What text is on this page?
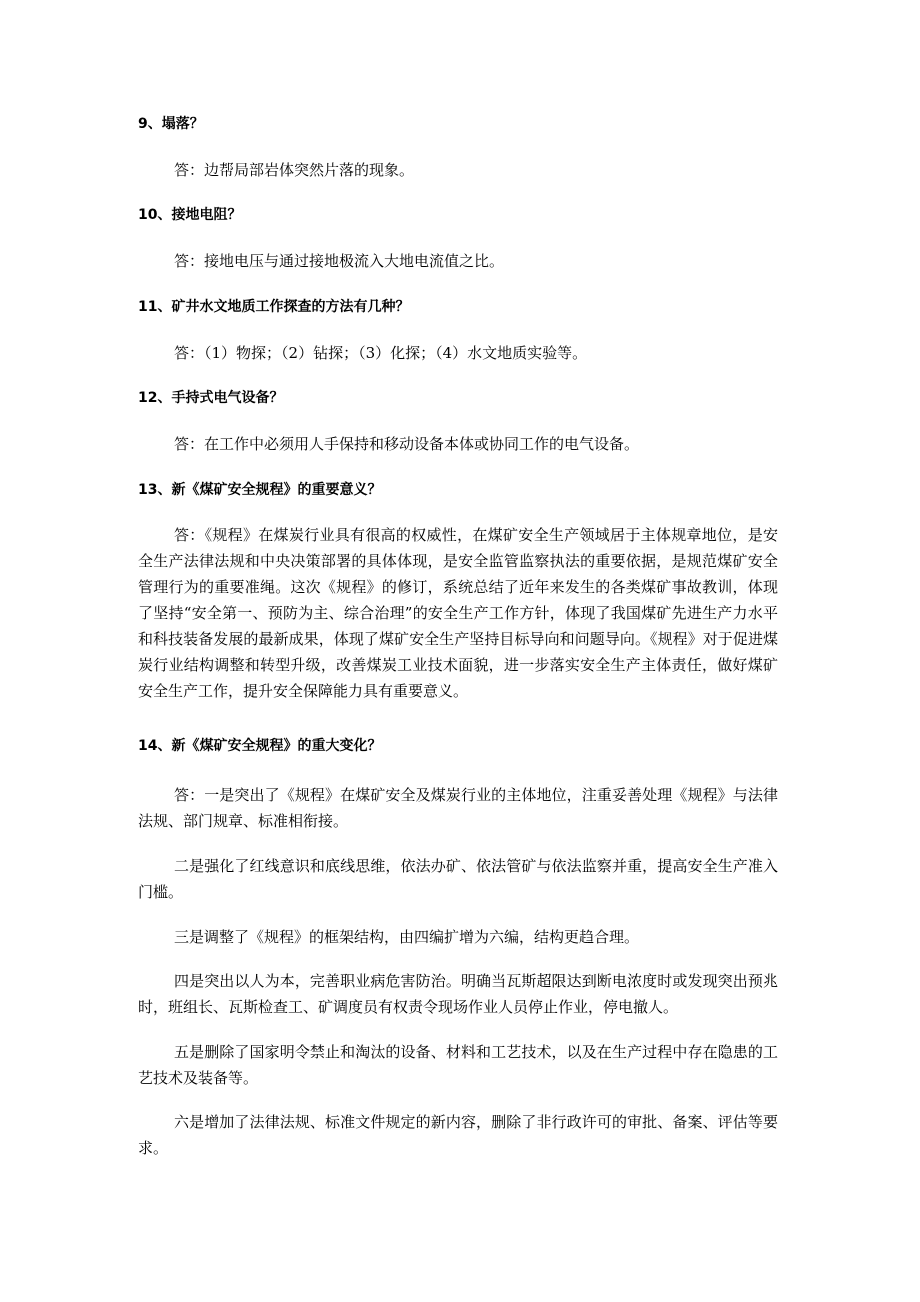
9、塌落？
答：边帮局部岩体突然片落的现象。
10、接地电阻？
答：接地电压与通过接地极流入大地电流值之比。
11、矿井水文地质工作探查的方法有几种？
答：（1）物探；（2）钻探；（3）化探；（4）水文地质实验等。
12、手持式电气设备？
答：在工作中必须用人手保持和移动设备本体或协同工作的电气设备。
13、新《煤矿安全规程》的重要意义？
答：《规程》在煤炭行业具有很高的权威性，在煤矿安全生产领域居于主体规章地位，是安全生产法律法规和中央决策部署的具体体现，是安全监管监察执法的重要依据，是规范煤矿安全管理行为的重要准绳。这次《规程》的修订，系统总结了近年来发生的各类煤矿事故教训，体现了坚持“安全第一、预防为主、综合治理”的安全生产工作方针，体现了我国煤矿先进生产力水平和科技装备发展的最新成果，体现了煤矿安全生产坚持目标导向和问题导向。《规程》对于促进煤炭行业结构调整和转型升级，改善煤炭工业技术面貌，进一步落实安全生产主体责任，做好煤矿安全生产工作，提升安全保障能力具有重要意义。
14、新《煤矿安全规程》的重大变化？
答：一是突出了《规程》在煤矿安全及煤炭行业的主体地位，注重妥善处理《规程》与法律法规、部门规章、标准相衔接。
二是强化了红线意识和底线思维，依法办矿、依法管矿与依法监察并重，提高安全生产准入门槛。
三是调整了《规程》的框架结构，由四编扩增为六编，结构更趋合理。
四是突出以人为本，完善职业病危害防治。明确当瓦斯超限达到断电浓度时或发现突出预兆时，班组长、瓦斯检查工、矿调度员有权责令现场作业人员停止作业，停电撤人。
五是删除了国家明令禁止和淘汰的设备、材料和工艺技术，以及在生产过程中存在隐患的工艺技术及装备等。
六是增加了法律法规、标准文件规定的新内容，删除了非行政许可的审批、备案、评估等要求。
